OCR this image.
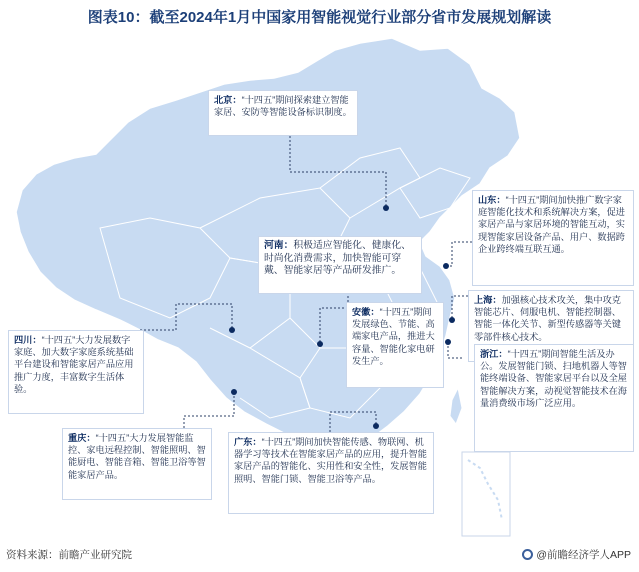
图表10：截至2024年1月中国家用智能视觉行业部分省市发展规划解读
北京：“十四五”期间探索建立智能家居、安防等智能设备标识制度。
山东：“十四五”期间加快推广数字家庭智能化技术和系统解决方案，促进家居产品与家居环境的智能互动，实现智能家居设备产品、用户、数据跨企业跨终端互联互通。
河南：积极适应智能化、健康化、时尚化消费需求，加快智能可穿戴、智能家居等产品研发推广。
上海：加强核心技术攻关，集中攻克智能芯片、伺服电机、智能控制器、智能一体化关节、新型传感器等关键零部件核心技术。
安徽：“十四五”期间发展绿色、节能、高端家电产品，推进大容量、智能化家电研发生产。
四川：“十四五”大力发展数字家庭、加大数字家庭系统基础平台建设和智能家居产品应用推广力度，丰富数字生活体验。
浙江：“十四五”期间智能生活及办公。发展智能门锁、扫地机器人等智能终端设备、智能家居平台以及全屋智能解决方案，动视觉智能技术在海量消费级市场广泛应用。
重庆：“十四五”大力发展智能监控、家电远程控制、智能照明、智能厨电、智能音箱、智能卫浴等智能家居产品。
广东：“十四五”期间加快智能传感、物联网、机器学习等技术在智能家居产品的应用，提升智能家居产品的智能化、实用性和安全性，发展智能照明、智能门锁、智能卫浴等产品。
资料来源：前瞻产业研究院	@前瞻经济学人APP
